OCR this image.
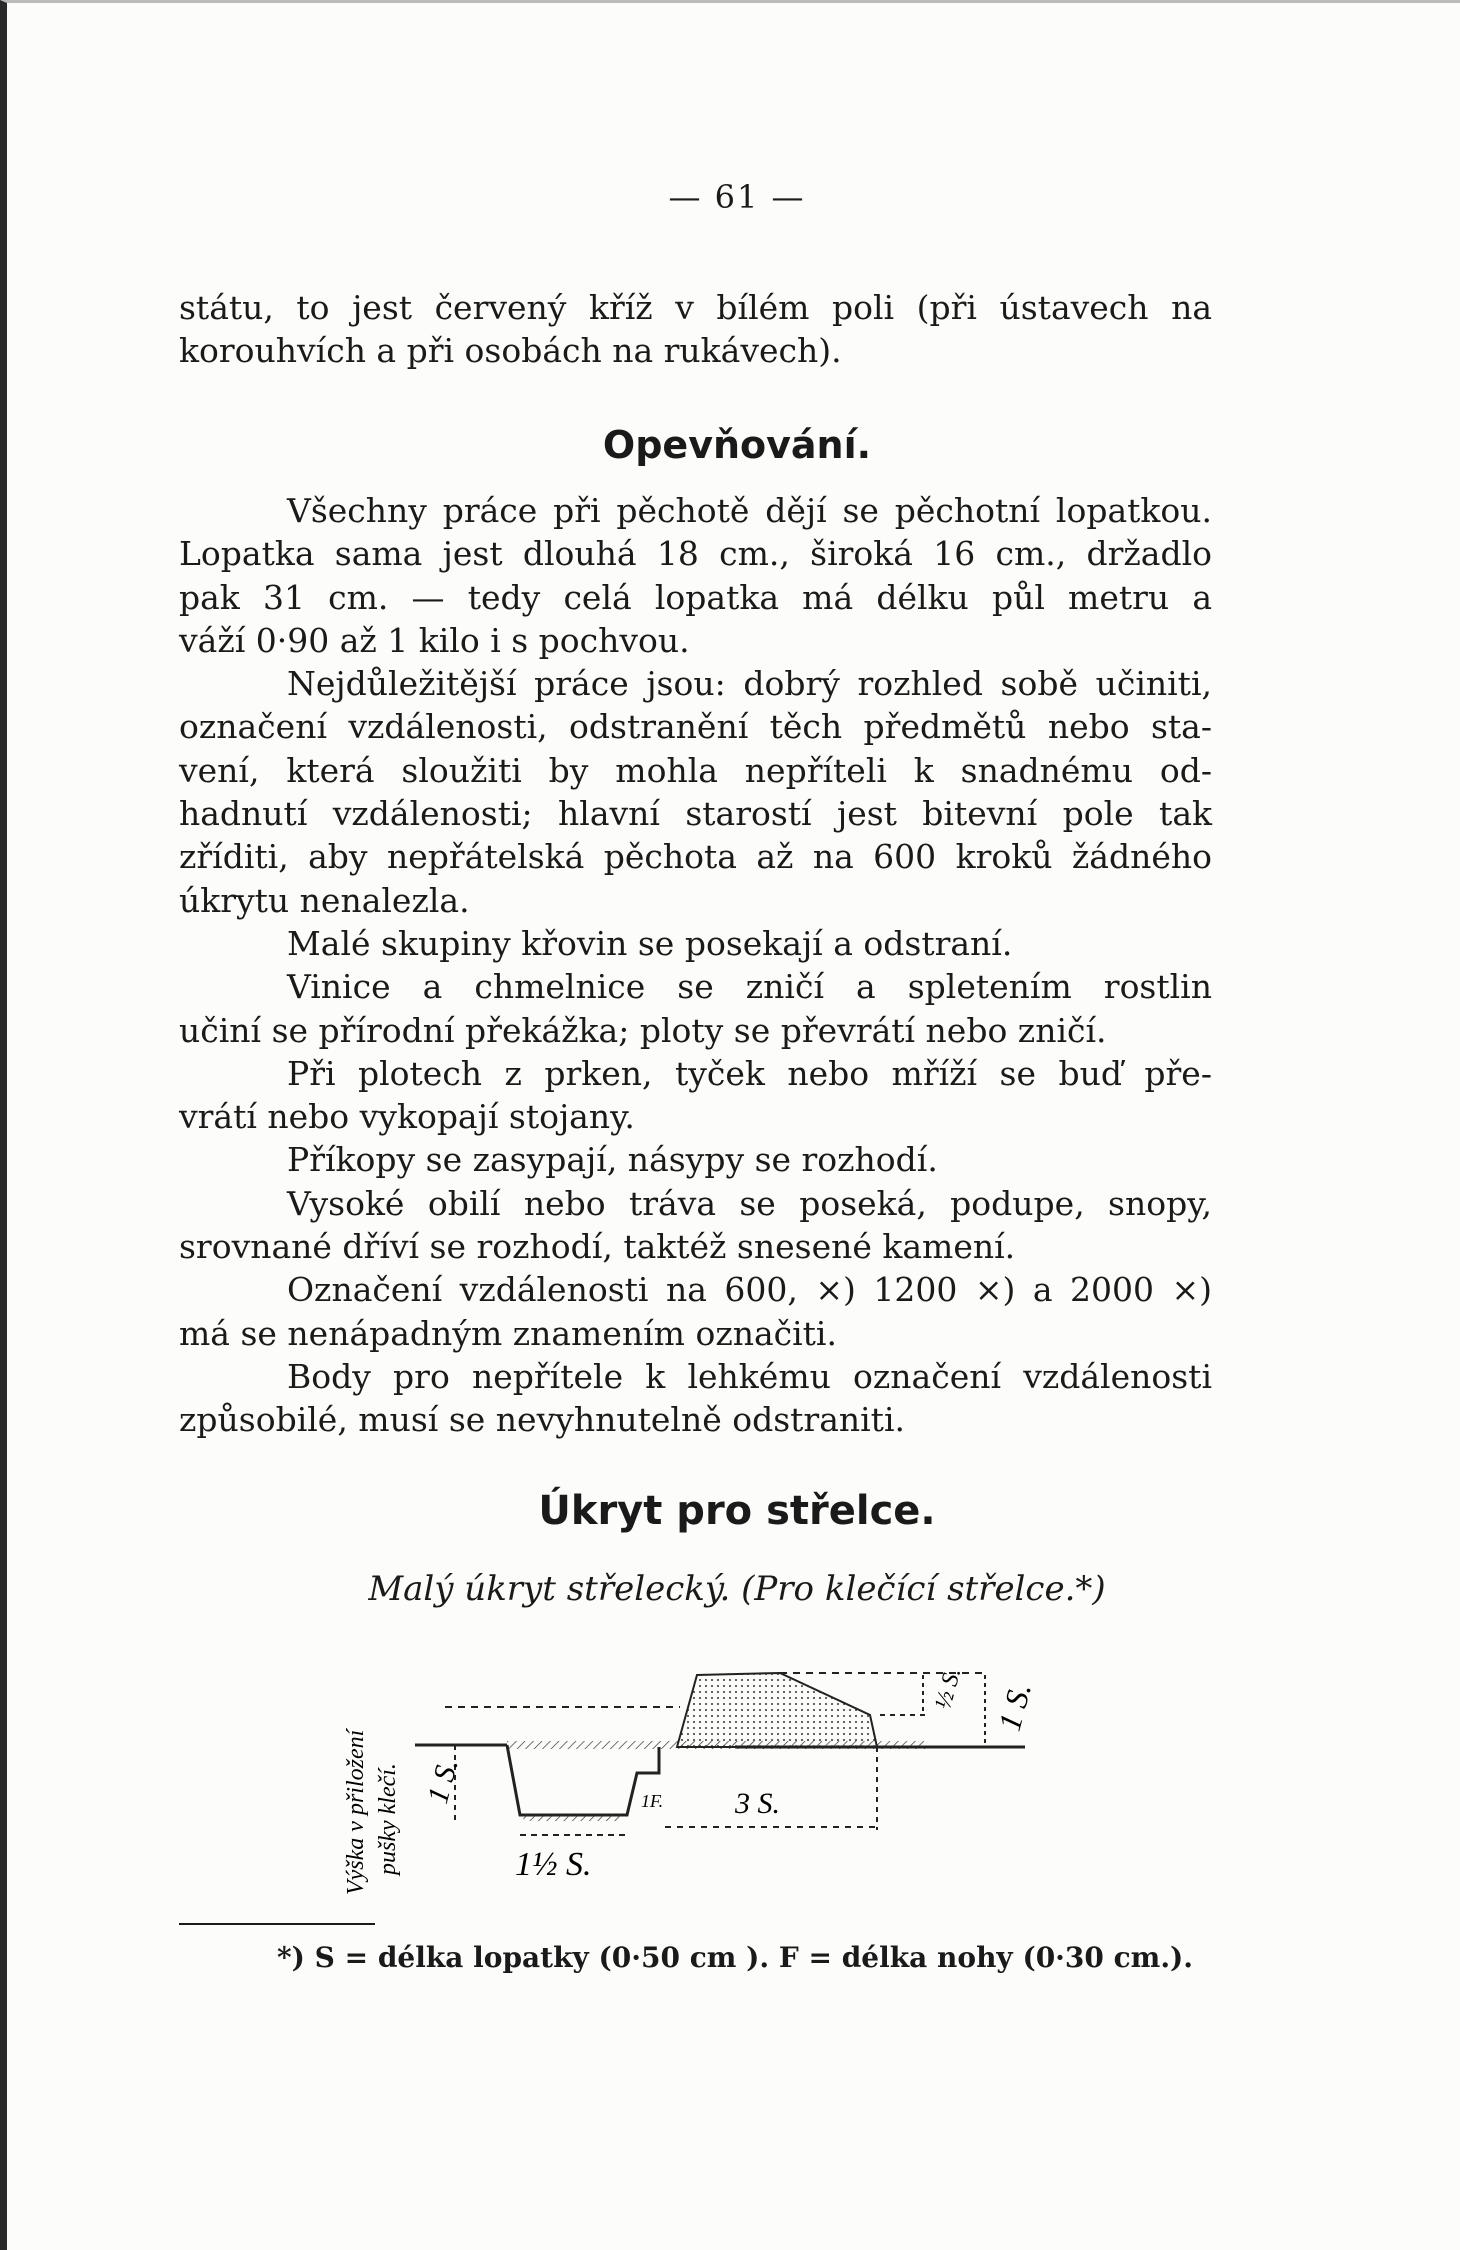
— 61 —
státu, to jest červený kříž v bílém poli (při ústavech na
korouhvích a při osobách na rukávech).
Opevňování.
Všechny práce při pěchotě dějí se pěchotní lopatkou.
Lopatka sama jest dlouhá 18 cm., široká 16 cm., držadlo
pak 31 cm. — tedy celá lopatka má délku půl metru a
váží 0·90 až 1 kilo i s pochvou.
Nejdůležitější práce jsou: dobrý rozhled sobě učiniti,
označení vzdálenosti, odstranění těch předmětů nebo sta-
vení, která sloužiti by mohla nepříteli k snadnému od-
hadnutí vzdálenosti; hlavní starostí jest bitevní pole tak
zříditi, aby nepřátelská pěchota až na 600 kroků žádného
úkrytu nenalezla.
Malé skupiny křovin se posekají a odstraní.
Vinice a chmelnice se zničí a spletením rostlin
učiní se přírodní překážka; ploty se převrátí nebo zničí.
Při plotech z prken, tyček nebo mříží se buď pře-
vrátí nebo vykopají stojany.
Příkopy se zasypají, násypy se rozhodí.
Vysoké obilí nebo tráva se poseká, podupe, snopy,
srovnané dříví se rozhodí, taktéž snesené kamení.
Označení vzdálenosti na 600, ×) 1200 ×) a 2000 ×)
má se nenápadným znamením označiti.
Body pro nepřítele k lehkému označení vzdálenosti
způsobilé, musí se nevyhnutelně odstraniti.
Úkryt pro střelce.
Malý úkryt střelecký. (Pro klečící střelce.*)
Výška v přiložení pušky klečí. 1 S.
1½ S.
1F. 3 S.
½ S. 1 S.
*) S = délka lopatky (0·50 cm ). F = délka nohy (0·30 cm.).
